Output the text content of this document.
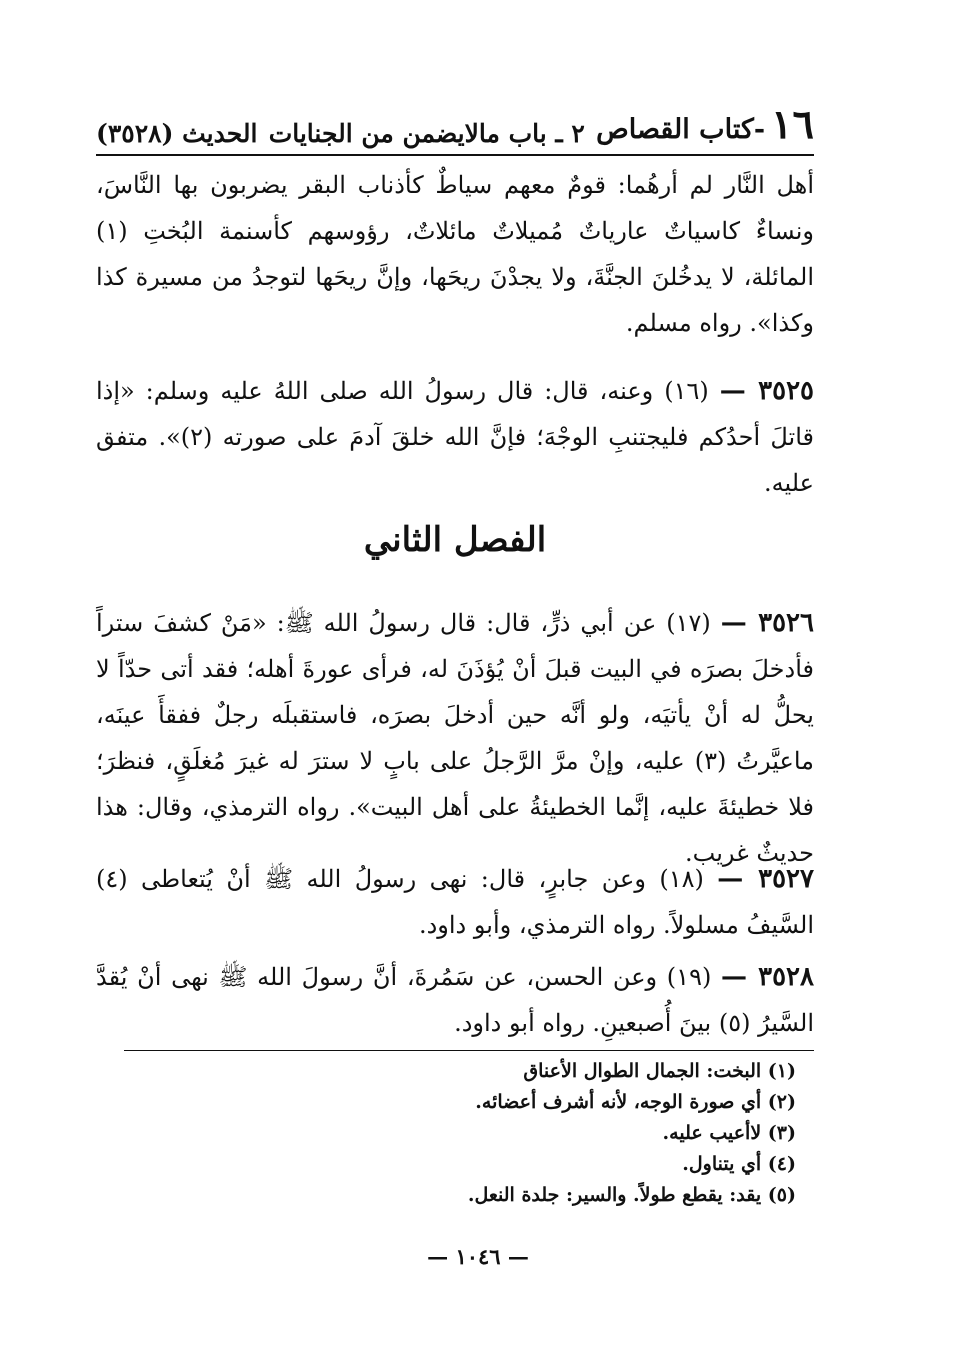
١٦-كتاب القصاص
٢ ـ باب مالايضمن من الجنايات
الحديث (٣٥٢٨)
أهل النَّار لم أرهُما: قومٌ معهم سياطٌ كأذناب البقر يضربون بها النَّاسَ، ونساءٌ كاسياتٌ عارياتٌ مُميلاتٌ مائلاتٌ، رؤوسهم كأسنمة البُختِ (١) المائلة، لا يدخُلنَ الجنَّةَ، ولا يجدْنَ ريحَها، وإنَّ ريحَها لتوجدُ من مسيرة كذا وكذا». رواه مسلم.
٣٥٢٥ — (١٦) وعنه، قال: قال رسولُ الله صلى اللهُ عليه وسلم: «إذا قاتلَ أحدُكم فليجتنبِ الوجْهَ؛ فإنَّ الله خلقَ آدمَ على صورته (٢)». متفق عليه.
الفصل الثاني
٣٥٢٦ — (١٧) عن أبي ذرٍّ، قال: قال رسولُ الله ﷺ: «مَنْ كشفَ ستراً فأدخلَ بصرَه في البيت قبلَ أنْ يُؤذَنَ له، فرأى عورةَ أهله؛ فقد أتى حدّاً لا يحلُّ له أنْ يأتيَه، ولو أنَّه حين أدخلَ بصرَه، فاستقبلَه رجلٌ ففقأَ عينَه، ماعيَّرتُ (٣) عليه، وإنْ مرَّ الرَّجلُ على بابٍ لا سترَ له غيرَ مُغلَقٍ، فنظرَ؛ فلا خطيئةَ عليه، إنَّما الخطيئةُ على أهل البيت». رواه الترمذي، وقال: هذا حديثٌ غريب.
٣٥٢٧ — (١٨) وعن جابرٍ، قال: نهى رسولُ الله ﷺ أنْ يُتعاطى (٤) السَّيفُ مسلولاً. رواه الترمذي، وأبو داود.
٣٥٢٨ — (١٩) وعن الحسن، عن سَمُرةَ، أنَّ رسولَ الله ﷺ نهى أنْ يُقدَّ السَّيرُ (٥) بينَ أُصبعينِ. رواه أبو داود.
(١) البخت: الجمال الطوال الأعناق
(٢) أي صورة الوجه، لأنه أشرف أعضائه.
(٣) لاأعيب عليه.
(٤) أي يتناول.
(٥) يقد: يقطع طولاً. والسير: جلدة النعل.
— ١٠٤٦ —
